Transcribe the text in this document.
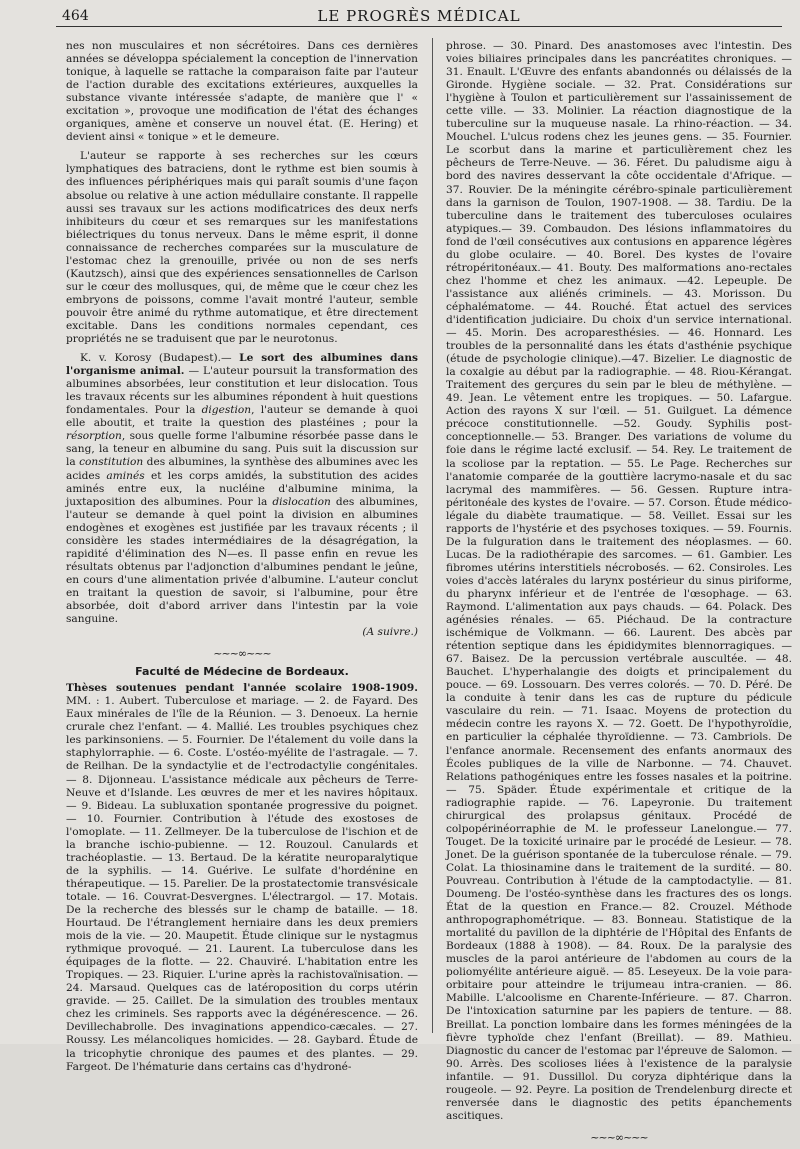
464	LE PROGRÈS MÉDICAL

nes non musculaires et non sécrétoires. Dans ces dernières années se développa spécialement la conception de l'innervation tonique, à laquelle se rattache la comparaison faite par l'auteur de l'action durable des excitations extérieures, auxquelles la substance vivante intéressée s'adapte, de manière que l' « excitation », provoque une modification de l'état des échanges organiques, amène et conserve un nouvel état. (E. Hering) et devient ainsi « tonique » et le demeure.

L'auteur se rapporte à ses recherches sur les cœurs lymphatiques des batraciens, dont le rythme est bien soumis à des influences périphériques mais qui paraît soumis d'une façon absolue ou relative à une action médullaire constante. Il rappelle aussi ses travaux sur les actions modificatrices des deux nerfs inhibiteurs du cœur et ses remarques sur les manifestations biélectriques du tonus nerveux. Dans le même esprit, il donne connaissance de recherches comparées sur la musculature de l'estomac chez la grenouille, privée ou non de ses nerfs (Kautzsch), ainsi que des expériences sensationnelles de Carlson sur le cœur des mollusques, qui, de même que le cœur chez les embryons de poissons, comme l'avait montré l'auteur, semble pouvoir être animé du rythme automatique, et être directement excitable. Dans les conditions normales cependant, ces propriétés ne se traduisent que par le neurotonus.

K. v. Korosy (Budapest).— Le sort des albumines dans l'organisme animal. — L'auteur poursuit la transformation des albumines absorbées, leur constitution et leur dislocation. Tous les travaux récents sur les albumines répondent à huit questions fondamentales. Pour la digestion, l'auteur se demande à quoi elle aboutit, et traite la question des plastéines ; pour la résorption, sous quelle forme l'albumine résorbée passe dans le sang, la teneur en albumine du sang. Puis suit la discussion sur la constitution des albumines, la synthèse des albumines avec les acides aminés et les corps amidés, la substitution des acides aminés entre eux, la nucléine d'albumine minima, la juxtaposition des albumines. Pour la dislocation des albumines, l'auteur se demande à quel point la division en albumines endogènes et exogènes est justifiée par les travaux récents ; il considère les stades intermédiaires de la désagrégation, la rapidité d'élimination des N—es. Il passe enfin en revue les résultats obtenus par l'adjonction d'albumines pendant le jeûne, en cours d'une alimentation privée d'albumine. L'auteur conclut en traitant la question de savoir, si l'albumine, pour être absorbée, doit d'abord arriver dans l'intestin par la voie sanguine.
(A suivre.)

~~~∞~~~
Faculté de Médecine de Bordeaux.

Thèses soutenues pendant l'année scolaire 1908-1909. MM. : 1. Aubert. Tuberculose et mariage. — 2. de Fayard. Des Eaux minérales de l'île de la Réunion. — 3. Denoeux. La hernie crurale chez l'enfant. — 4. Mallié. Les troubles psychiques chez les parkinsoniens. — 5. Fournier. De l'étalement du voile dans la staphylorraphie. — 6. Coste. L'ostéo-myélite de l'astragale. — 7. de Reilhan. De la syndactylie et de l'ectrodactylie congénitales. — 8. Dijonneau. L'assistance médicale aux pêcheurs de Terre-Neuve et d'Islande. Les œuvres de mer et les navires hôpitaux. — 9. Bideau. La subluxation spontanée progressive du poignet. — 10. Fournier. Contribution à l'étude des exostoses de l'omoplate. — 11. Zellmeyer. De la tuberculose de l'ischion et de la branche ischio-pubienne. — 12. Rouzoul. Canulards et trachéoplastie. — 13. Bertaud. De la kératite neuroparalytique de la syphilis. — 14. Guérive. Le sulfate d'hordénine en thérapeutique. — 15. Parelier. De la prostatectomie transvésicale totale. — 16. Couvrat-Desvergnes. L'électrargol. — 17. Motais. De la recherche des blessés sur le champ de bataille. — 18. Hourtaud. De l'étranglement herniaire dans les deux premiers mois de la vie. — 20. Maupetit. Étude clinique sur le nystagmus rythmique provoqué. — 21. Laurent. La tuberculose dans les équipages de la flotte. — 22. Chauviré. L'habitation entre les Tropiques. — 23. Riquier. L'urine après la rachistovaïnisation. — 24. Marsaud. Quelques cas de latéroposition du corps utérin gravide. — 25. Caillet. De la simulation des troubles mentaux chez les criminels. Ses rapports avec la dégénérescence. — 26. Devillechabrolle. Des invaginations appendico-cæcales. — 27. Roussy. Les mélancoliques homicides. — 28. Gaybard. Étude de la tricophytie chronique des paumes et des plantes. — 29. Fargeot. De l'hématurie dans certains cas d'hydroné-

phrose. — 30. Pinard. Des anastomoses avec l'intestin. Des voies biliaires principales dans les pancréatites chroniques. — 31. Enault. L'Œuvre des enfants abandonnés ou délaissés de la Gironde. Hygiène sociale. — 32. Prat. Considérations sur l'hygiène à Toulon et particulièrement sur l'assainissement de cette ville. — 33. Molinier. La réaction diagnostique de la tuberculine sur la muqueuse nasale. La rhino-réaction. — 34. Mouchel. L'ulcus rodens chez les jeunes gens. — 35. Fournier. Le scorbut dans la marine et particulièrement chez les pêcheurs de Terre-Neuve. — 36. Féret. Du paludisme aigu à bord des navires desservant la côte occidentale d'Afrique. — 37. Rouvier. De la méningite cérébro-spinale particulièrement dans la garnison de Toulon, 1907-1908. — 38. Tardiu. De la tuberculine dans le traitement des tuberculoses oculaires atypiques.— 39. Combaudon. Des lésions inflammatoires du fond de l'œil consécutives aux contusions en apparence légères du globe oculaire. — 40. Borel. Des kystes de l'ovaire rétropéritonéaux.— 41. Bouty. Des malformations ano-rectales chez l'homme et chez les animaux. —42. Lepeuple. De l'assistance aux aliénés criminels. — 43. Morisson. Du céphalématome. — 44. Rouché. État actuel des services d'identification judiciaire. Du choix d'un service international. — 45. Morin. Des acroparesthésies. — 46. Honnard. Les troubles de la personnalité dans les états d'asthénie psychique (étude de psychologie clinique).—47. Bizelier. Le diagnostic de la coxalgie au début par la radiographie. — 48. Riou-Kérangat. Traitement des gerçures du sein par le bleu de méthylène. — 49. Jean. Le vêtement entre les tropiques. — 50. Lafargue. Action des rayons X sur l'œil. — 51. Guilguet. La démence précoce constitutionnelle. —52. Goudy. Syphilis post-conceptionnelle.— 53. Branger. Des variations de volume du foie dans le régime lacté exclusif. — 54. Rey. Le traitement de la scoliose par la reptation. — 55. Le Page. Recherches sur l'anatomie comparée de la gouttière lacrymo-nasale et du sac lacrymal des mammifères. — 56. Gessen. Rupture intra-péritonéale des kystes de l'ovaire. — 57. Corson. Étude médico-légale du diabète traumatique. — 58. Veillet. Essai sur les rapports de l'hystérie et des psychoses toxiques. — 59. Fournis. De la fulguration dans le traitement des néoplasmes. — 60. Lucas. De la radiothérapie des sarcomes. — 61. Gambier. Les fibromes utérins interstitiels nécrobosés. — 62. Consiroles. Les voies d'accès latérales du larynx postérieur du sinus piriforme, du pharynx inférieur et de l'entrée de l'œsophage. — 63. Raymond. L'alimentation aux pays chauds. — 64. Polack. Des agénésies rénales. — 65. Piéchaud. De la contracture ischémique de Volkmann. — 66. Laurent. Des abcès par rétention septique dans les épididymites blennorragiques. — 67. Baisez. De la percussion vertébrale auscultée. — 48. Bauchet. L'hyperhalangie des doigts et principalement du pouce. — 69. Lossouarn. Des verres colorés. — 70. D. Péré. De la conduite à tenir dans les cas de rupture du pédicule vasculaire du rein. — 71. Isaac. Moyens de protection du médecin contre les rayons X. — 72. Goett. De l'hypothyroïdie, en particulier la céphalée thyroïdienne. — 73. Cambriols. De l'enfance anormale. Recensement des enfants anormaux des Écoles publiques de la ville de Narbonne. — 74. Chauvet. Relations pathogéniques entre les fosses nasales et la poitrine. — 75. Späder. Étude expérimentale et critique de la radiographie rapide. — 76. Lapeyronie. Du traitement chirurgical des prolapsus génitaux. Procédé de colpopérinéorraphie de M. le professeur Lanelongue.— 77. Touget. De la toxicité urinaire par le procédé de Lesieur. — 78. Jonet. De la guérison spontanée de la tuberculose rénale. — 79. Colat. La thiosinamine dans le traitement de la surdité. — 80. Pouvreau. Contribution à l'étude de la camptodactylie. — 81. Doumeng. De l'ostéo-synthèse dans les fractures des os longs. État de la question en France.— 82. Crouzel. Méthode anthropographométrique. — 83. Bonneau. Statistique de la mortalité du pavillon de la diphtérie de l'Hôpital des Enfants de Bordeaux (1888 à 1908). — 84. Roux. De la paralysie des muscles de la paroi antérieure de l'abdomen au cours de la poliomyélite antérieure aiguë. — 85. Leseyeux. De la voie para-orbitaire pour atteindre le trijumeau intra-cranien. — 86. Mabille. L'alcoolisme en Charente-Inférieure. — 87. Charron. De l'intoxication saturnine par les papiers de tenture. — 88. Breillat. La ponction lombaire dans les formes méningées de la fièvre typhoïde chez l'enfant (Breillat). — 89. Mathieu. Diagnostic du cancer de l'estomac par l'épreuve de Salomon. — 90. Arrès. Des scolioses liées à l'existence de la paralysie infantile. — 91. Dussillol. Du coryza diphtérique dans la rougeole. — 92. Peyre. La position de Trendelenburg directe et renversée dans le diagnostic des petits épanchements ascitiques.

~~~∞~~~
